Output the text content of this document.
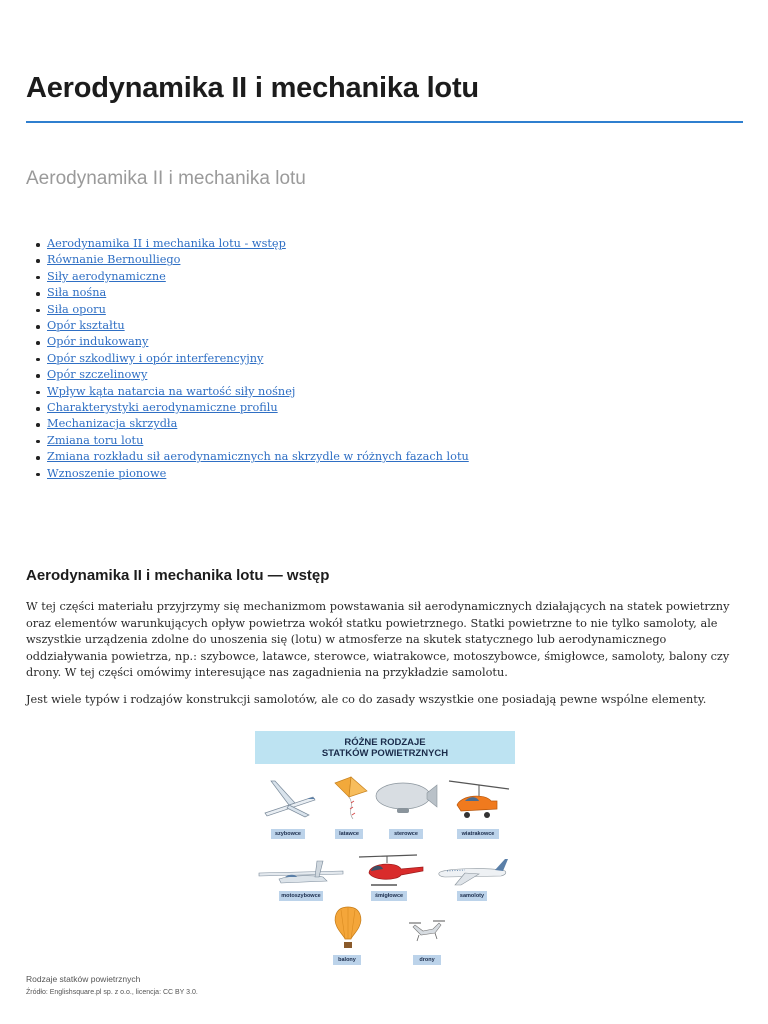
Aerodynamika II i mechanika lotu
Aerodynamika II i mechanika lotu
Aerodynamika II i mechanika lotu - wstęp
Równanie Bernoulliego
Siły aerodynamiczne
Siła nośna
Siła oporu
Opór kształtu
Opór indukowany
Opór szkodliwy i opór interferencyjny
Opór szczelinowy
Wpływ kąta natarcia na wartość siły nośnej
Charakterystyki aerodynamiczne profilu
Mechanizacja skrzydła
Zmiana toru lotu
Zmiana rozkładu sił aerodynamicznych na skrzydle w różnych fazach lotu
Wznoszenie pionowe
Aerodynamika II i mechanika lotu — wstęp

W tej części materiału przyjrzymy się mechanizmom powstawania sił aerodynamicznych działających na statek powietrzny oraz elementów warunkujących opływ powietrza wokół statku powietrznego. Statki powietrzne to nie tylko samoloty, ale wszystkie urządzenia zdolne do unoszenia się (lotu) w atmosferze na skutek statycznego lub aerodynamicznego oddziaływania powietrza, np.: szybowce, latawce, sterowce, wiatrakowce, motoszybowce, śmigłowce, samoloty, balony czy drony. W tej części omówimy interesujące nas zagadnienia na przykładzie samolotu.

Jest wiele typów i rodzajów konstrukcji samolotów, ale co do zasady wszystkie one posiadają pewne wspólne elementy.

RÓŻNE RODZAJE
STATKÓW POWIETRZNYCH
szybowce	latawce	sterowce	wiatrakowce
motoszybowce	śmigłowce	samoloty
balony	drony

Rodzaje statków powietrznych

Źródło: Englishsquare.pl sp. z o.o., licencja: CC BY 3.0.
